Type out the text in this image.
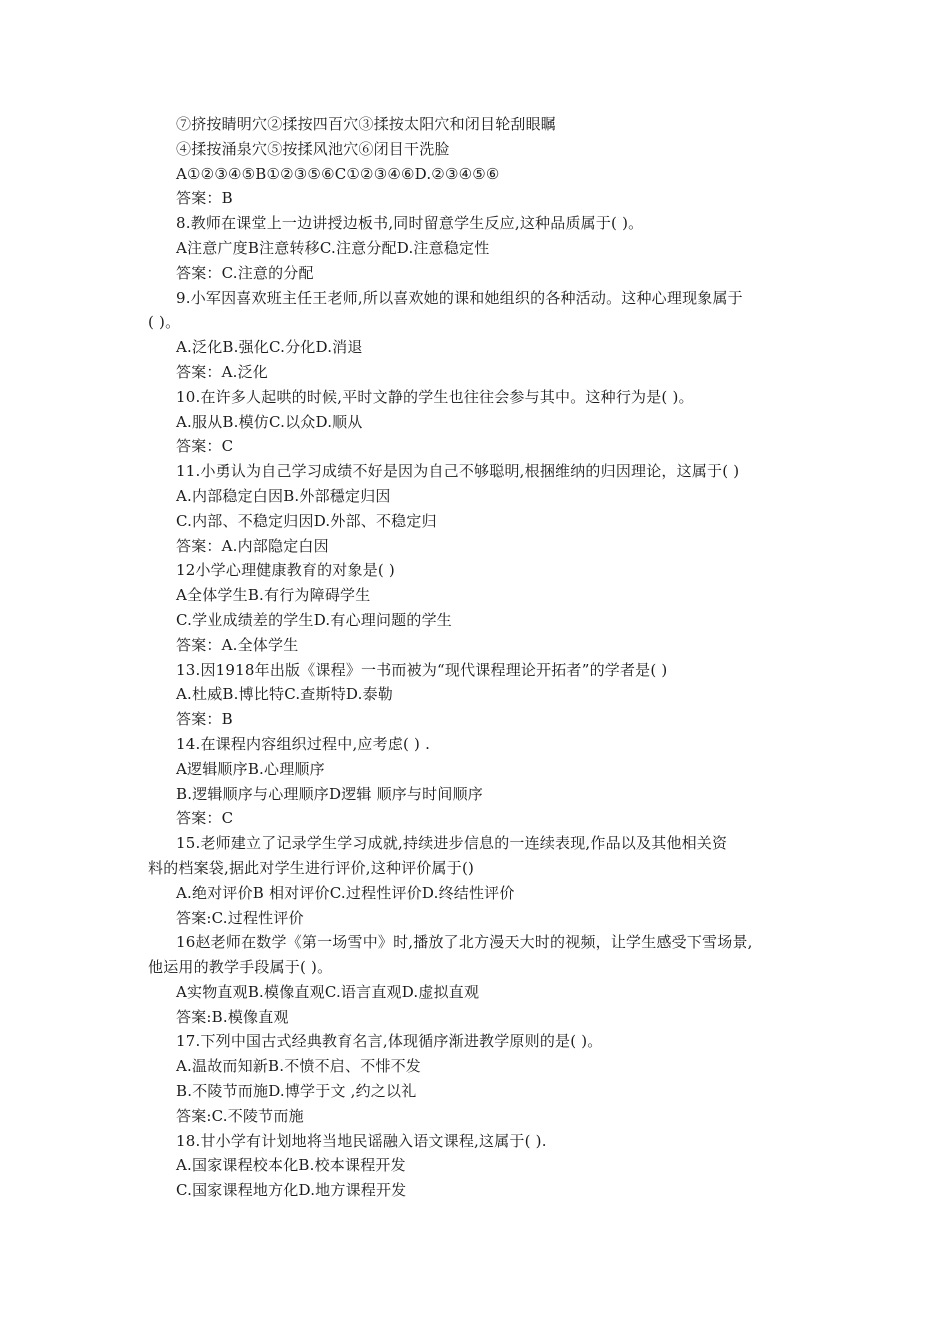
⑦挤按睛明穴②揉按四百穴③揉按太阳穴和闭目轮刮眼瞩
④揉按涌泉穴⑤按揉风池穴⑥闭目干洗脸
A①②③④⑤B①②③⑤⑥C①②③④⑥D.②③④⑤⑥
答案：B
8.教师在课堂上一边讲授边板书,同时留意学生反应,这种品质属于( )。
A注意广度B注意转移C.注意分配D.注意稳定性
答案：C.注意的分配
9.小军因喜欢班主任王老师,所以喜欢她的课和她组织的各种活动。这种心理现象属于
( )。
A.泛化B.强化C.分化D.消退
答案：A.泛化
10.在许多人起哄的时候,平时文静的学生也往往会参与其中。这种行为是( )。
A.服从B.模仿C.以众D.顺从
答案：C
11.小勇认为自己学习成绩不好是因为自己不够聪明,根捆维纳的归因理论，这属于( )
A.内部稳定白因B.外部穩定归因
C.内部、不稳定归因D.外部、不稳定归
答案：A.内部隐定白因
12小学心理健康教育的对象是( )
A全体学生B.有行为障碍学生
C.学业成绩差的学生D.有心理问题的学生
答案：A.全体学生
13.因1918年出版《课程》一书而被为“现代课程理论开拓者”的学者是( )
A.杜威B.博比特C.查斯特D.泰勒
答案：B
14.在课程内容组织过程中,应考虑( ) .
A逻辑顺序B.心理顺序
B.逻辑顺序与心理顺序D逻辑 顺序与时间顺序
答案：C
15.老师建立了记录学生学习成就,持续进步信息的一连续表现,作品以及其他相关资
料的档案袋,据此对学生进行评价,这种评价属于()
A.绝对评价B 相对评价C.过程性评价D.终结性评价
答案:C.过程性评价
16赵老师在数学《第一场雪中》时,播放了北方漫天大时的视频，让学生感受下雪场景,
他运用的教学手段属于( )。
A实物直观B.模像直观C.语言直观D.虚拟直观
答案:B.模像直观
17.下列中国古式经典教育名言,体现循序渐进教学原则的是( )。
A.温故而知新B.不愤不启、不悱不发
B.不陵节而施D.博学于文 ,约之以礼
答案:C.不陵节而施
18.甘小学有计划地将当地民谣融入语文课程,这属于( ).
A.国家课程校本化B.校本课程开发
C.国家课程地方化D.地方课程开发
